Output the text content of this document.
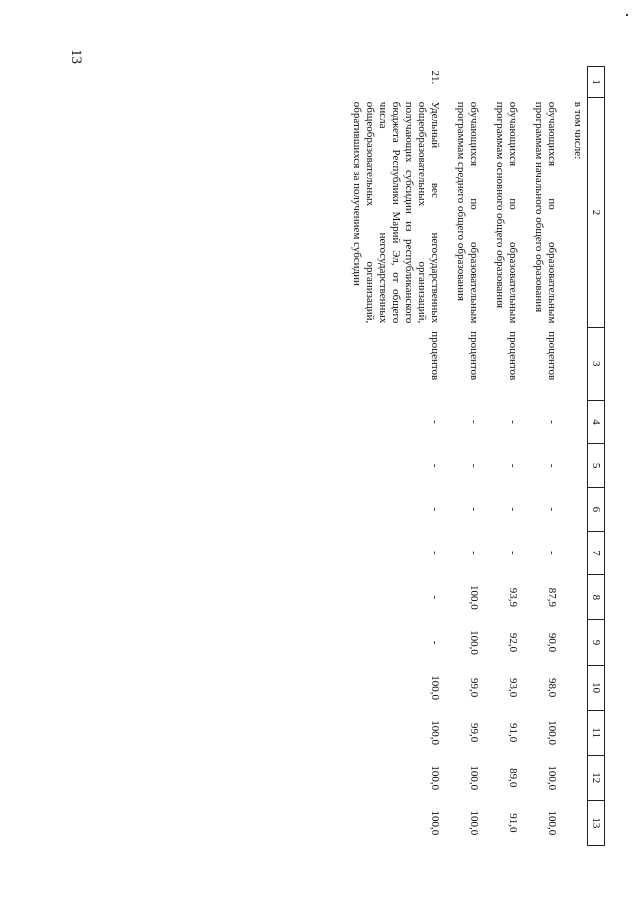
13
1	2	3	4	5	6	7	8	9	10	11	12	13
	в том числе:											
	обучающихся по образовательным программам начального общего образования	процентов	-	-	-	-	87,9	90,0	98,0	100,0	100,0	100,0
	обучающихся по образовательным программам основного общего образования	процентов	-	-	-	-	93,9	92,0	93,0	91,0	89,0	91,0
	обучающихся по образовательным программам среднего общего образования	процентов	-	-	-	-	100,0	100,0	99,0	99,0	100,0	100,0
21.	Удельный вес негосударственных общеобразовательных организаций, получающих субсидии из республиканского бюджета Республики Марий Эл, от общего числа негосударственных общеобразовательных организаций, обратившихся за получением субсидии	процентов	-	-	-	-	-	-	100,0	100,0	100,0	100,0
